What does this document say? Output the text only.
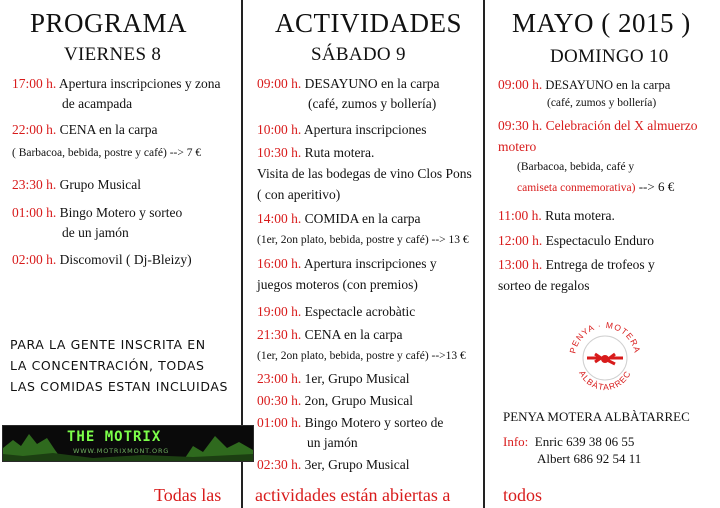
PROGRAMA
VIERNES 8
17:00 h. Apertura inscripciones y zona
de acampada
22:00 h. CENA en la carpa
( Barbacoa, bebida, postre y café) --> 7 €
23:30 h. Grupo Musical
01:00 h. Bingo Motero y sorteo
de un jamón
02:00 h. Discomovil ( Dj-Bleizy)
PARA LA GENTE INSCRITA EN
LA CONCENTRACIÓN, TODAS
LAS COMIDAS ESTAN INCLUIDAS
THE MOTRIX
WWW.MOTRIXMONT.ORG
ACTIVIDADES
SÁBADO 9
09:00 h. DESAYUNO en la carpa
(café, zumos y bollería)
10:00 h. Apertura inscripciones
10:30 h. Ruta motera.
Visita de las bodegas de vino Clos Pons
( con aperitivo)
14:00 h. COMIDA en la carpa
(1er, 2on plato, bebida, postre y café) --> 13 €
16:00 h. Apertura inscripciones y
juegos moteros (con premios)
19:00 h. Espectacle acrobàtic
21:30 h. CENA en la carpa
(1er, 2on plato, bebida, postre y café) -->13 €
23:00 h. 1er, Grupo Musical
00:30 h. 2on, Grupo Musical
01:00 h. Bingo Motero y sorteo de
un jamón
02:30 h. 3er, Grupo Musical
MAYO ( 2015 )
DOMINGO 10
09:00 h. DESAYUNO en la carpa
(café, zumos y bollería)
09:30 h. Celebración del X almuerzo
motero
(Barbacoa, bebida, café y
camiseta conmemorativa) --> 6 €
11:00 h. Ruta motera.
12:00 h. Espectaculo Enduro
13:00 h. Entrega de trofeos y
sorteo de regalos
PENYA · MOTERA
ALBÀTARREC
PENYA MOTERA ALBÀTARREC
Info: Enric 639 38 06 55
Albert 686 92 54 11
Todas las actividades están abiertas a	todos
